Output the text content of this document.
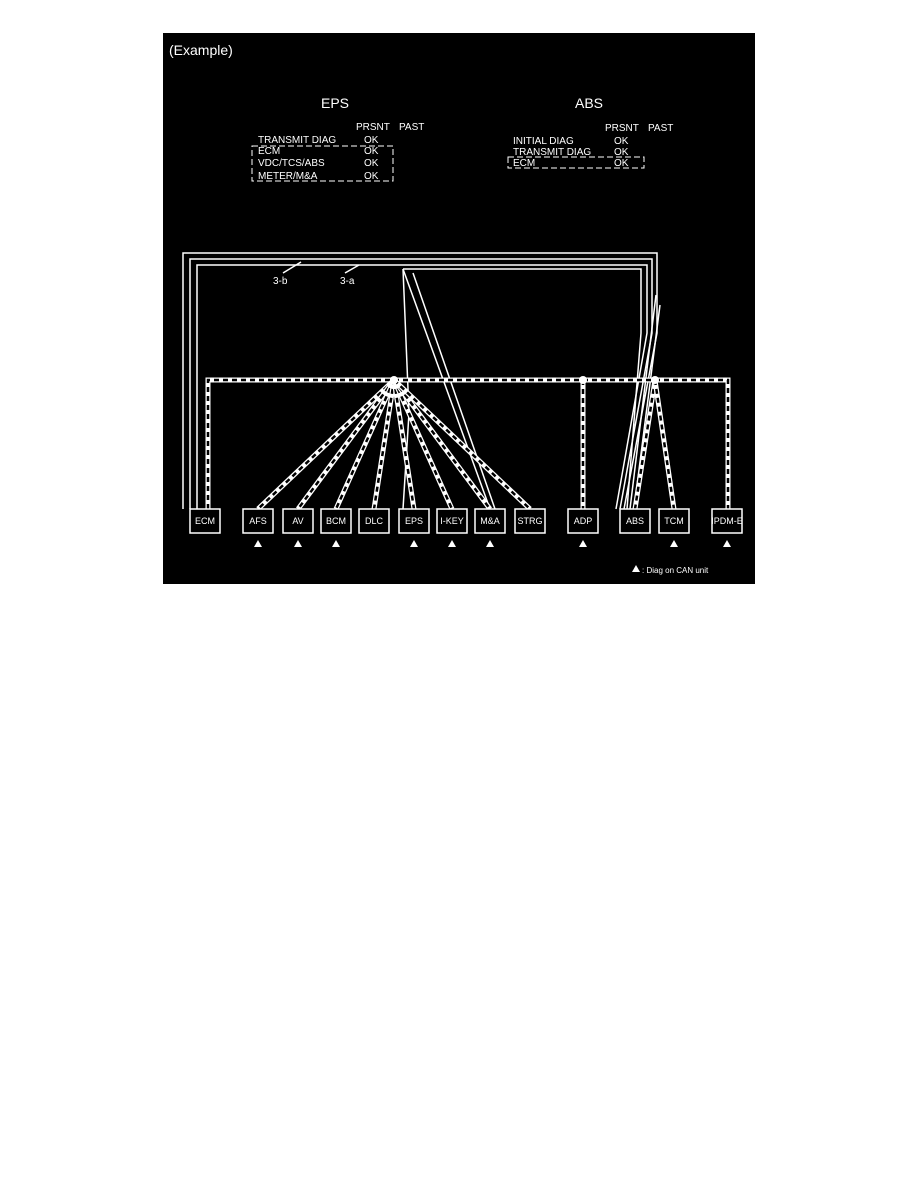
(Example)
EPS
PRSNT PAST
TRANSMIT DIAG	OK
ECM	OK
VDC/TCS/ABS	OK
METER/M&A	OK
ABS
PRSNT PAST
INITIAL DIAG	OK
TRANSMIT DIAG OK
ECM	OK
3-b	3-a
ECM	AFS	AV BCM DLC EPS I-KEY M&A STRG	ADP	ABS TCM	IPDM-E
: Diag on CAN unit
